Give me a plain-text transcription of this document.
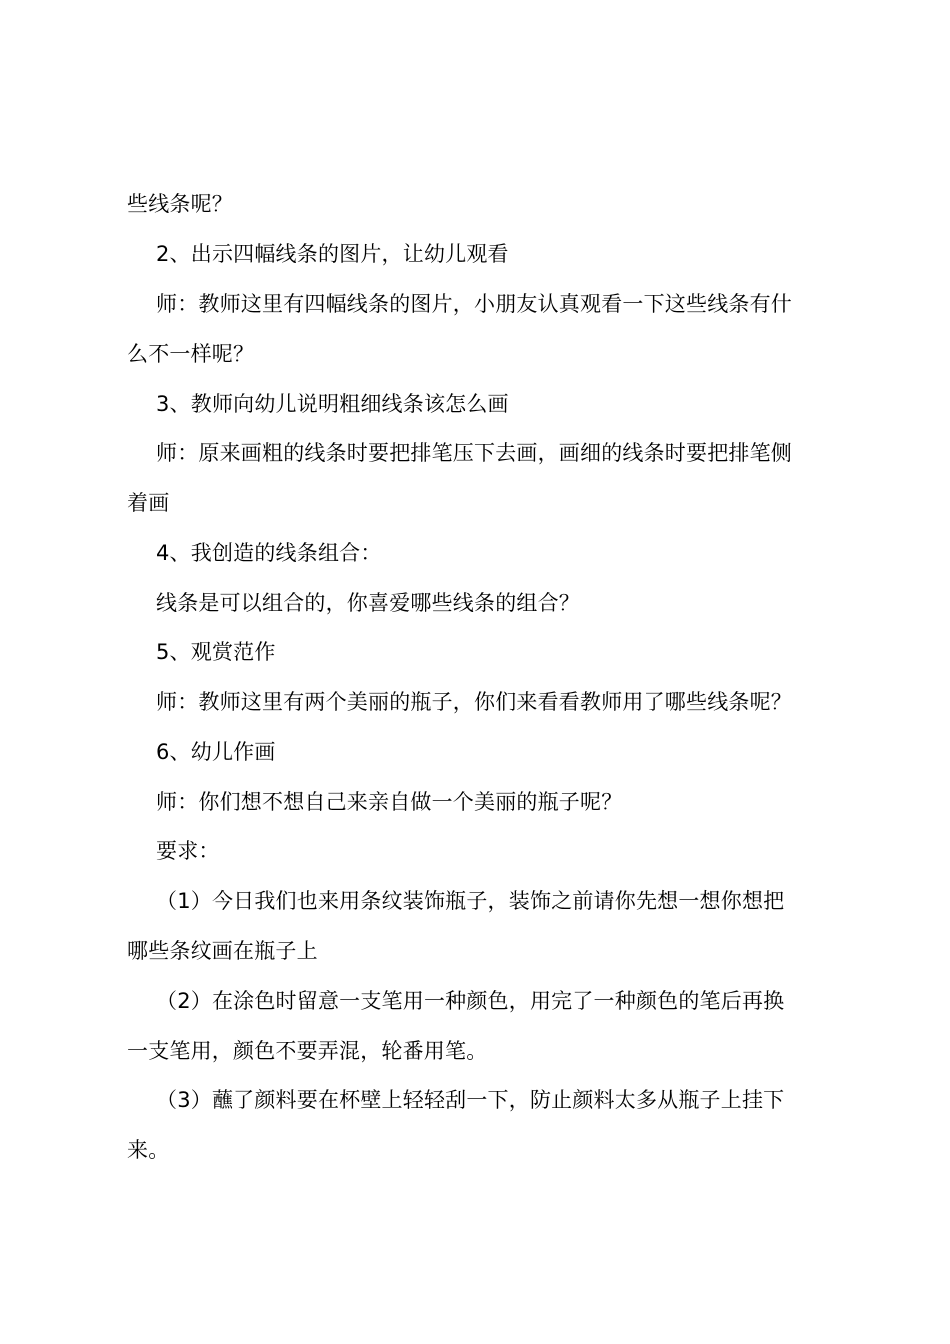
些线条呢？
2、出示四幅线条的图片，让幼儿观看
师：教师这里有四幅线条的图片，小朋友认真观看一下这些线条有什
么不一样呢？
3、教师向幼儿说明粗细线条该怎么画
师：原来画粗的线条时要把排笔压下去画，画细的线条时要把排笔侧
着画
4、我创造的线条组合：
线条是可以组合的，你喜爱哪些线条的组合？
5、观赏范作
师：教师这里有两个美丽的瓶子，你们来看看教师用了哪些线条呢？
6、幼儿作画
师：你们想不想自己来亲自做一个美丽的瓶子呢？
要求：
（1）今日我们也来用条纹装饰瓶子，装饰之前请你先想一想你想把
哪些条纹画在瓶子上
（2）在涂色时留意一支笔用一种颜色，用完了一种颜色的笔后再换
一支笔用，颜色不要弄混，轮番用笔。
（3）蘸了颜料要在杯壁上轻轻刮一下，防止颜料太多从瓶子上挂下
来。
